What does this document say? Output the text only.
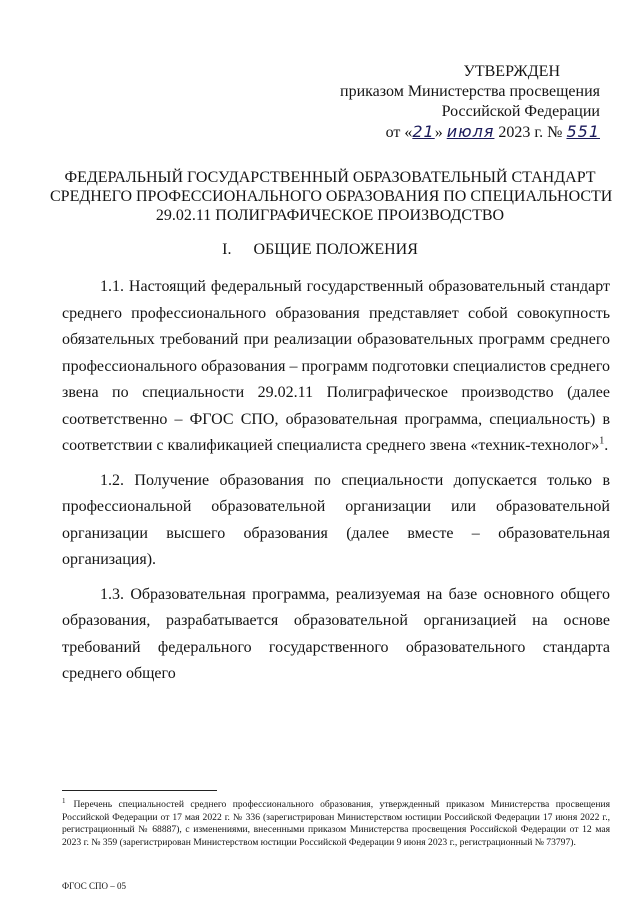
УТВЕРЖДЕН
приказом Министерства просвещения
Российской Федерации
от «21» июля 2023 г. № 551
ФЕДЕРАЛЬНЫЙ ГОСУДАРСТВЕННЫЙ ОБРАЗОВАТЕЛЬНЫЙ СТАНДАРТ
СРЕДНЕГО ПРОФЕССИОНАЛЬНОГО ОБРАЗОВАНИЯ ПО СПЕЦИАЛЬНОСТИ
29.02.11 ПОЛИГРАФИЧЕСКОЕ ПРОИЗВОДСТВО
I. ОБЩИЕ ПОЛОЖЕНИЯ

1.1. Настоящий федеральный государственный образовательный стандарт среднего профессионального образования представляет собой совокупность обязательных требований при реализации образовательных программ среднего профессионального образования – программ подготовки специалистов среднего звена по специальности 29.02.11 Полиграфическое производство (далее соответственно – ФГОС СПО, образовательная программа, специальность) в соответствии с квалификацией специалиста среднего звена «техник-технолог»$^1$.

1.2. Получение образования по специальности допускается только в профессиональной образовательной организации или образовательной организации высшего образования (далее вместе – образовательная организация).

1.3. Образовательная программа, реализуемая на базе основного общего образования, разрабатывается образовательной организацией на основе требований федерального государственного образовательного стандарта среднего общего

$^1$ Перечень специальностей среднего профессионального образования, утвержденный приказом Министерства просвещения Российской Федерации от 17 мая 2022 г. № 336 (зарегистрирован Министерством юстиции Российской Федерации 17 июня 2022 г., регистрационный № 68887), с изменениями, внесенными приказом Министерства просвещения Российской Федерации от 12 мая 2023 г. № 359 (зарегистрирован Министерством юстиции Российской Федерации 9 июня 2023 г., регистрационный № 73797).
ФГОС СПО – 05
